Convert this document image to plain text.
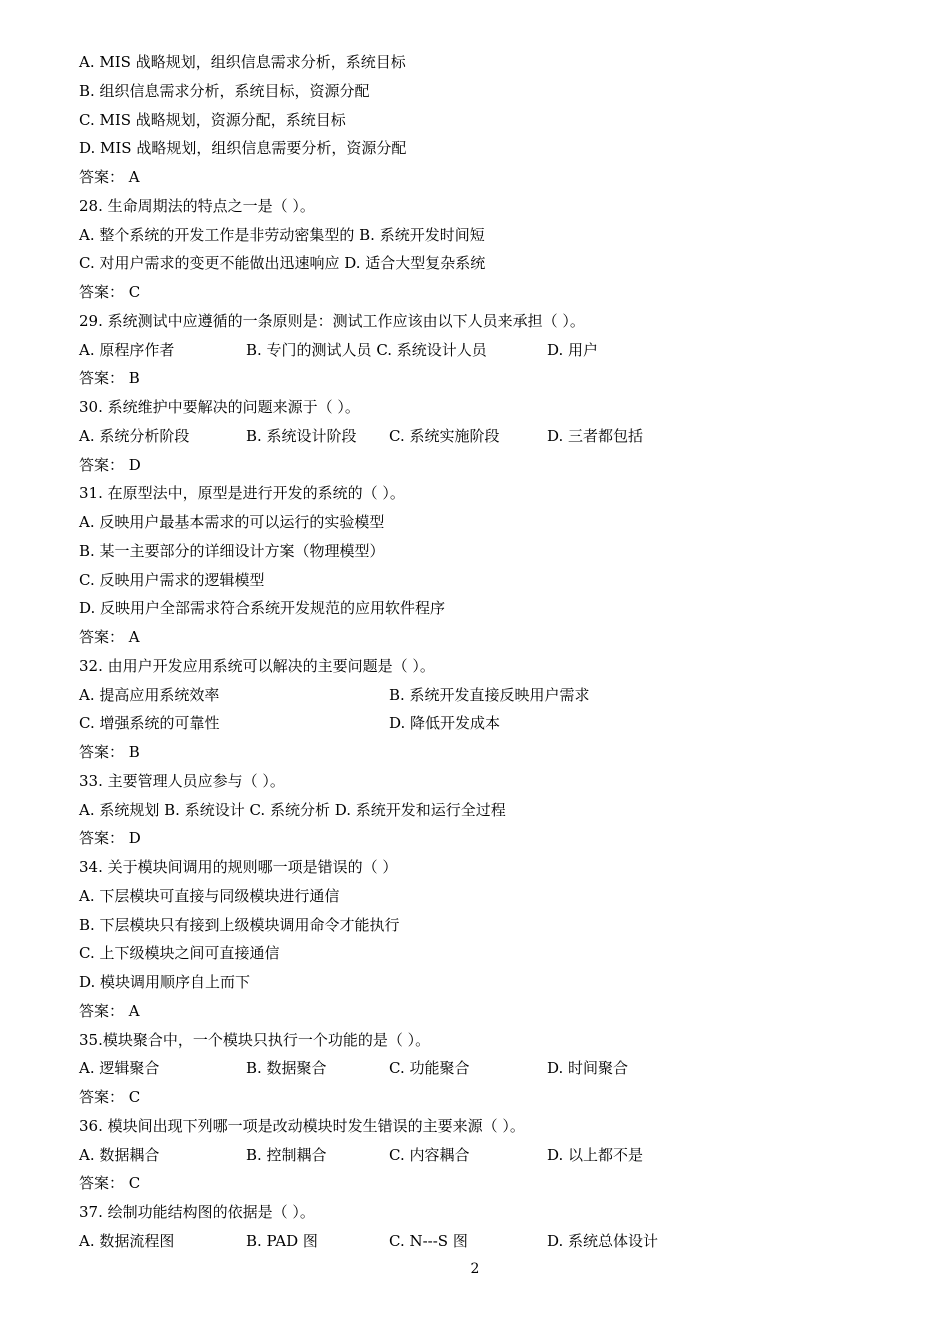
A. MIS 战略规划，组织信息需求分析，系统目标
B. 组织信息需求分析，系统目标，资源分配
C. MIS 战略规划，资源分配，系统目标
D. MIS 战略规划，组织信息需要分析，资源分配
答案： A
28. 生命周期法的特点之一是（ ）。
A. 整个系统的开发工作是非劳动密集型的 B. 系统开发时间短
C. 对用户需求的变更不能做出迅速响应 D. 适合大型复杂系统
答案： C
29. 系统测试中应遵循的一条原则是：测试工作应该由以下人员来承担（ ）。
A. 原程序作者	B. 专门的测试人员 C. 系统设计人员	D. 用户
答案： B
30. 系统维护中要解决的问题来源于（ ）。
A. 系统分析阶段	B. 系统设计阶段 C. 系统实施阶段	D. 三者都包括
答案： D
31. 在原型法中，原型是进行开发的系统的（ ）。
A. 反映用户最基本需求的可以运行的实验模型
B. 某一主要部分的详细设计方案（物理模型）
C. 反映用户需求的逻辑模型
D. 反映用户全部需求符合系统开发规范的应用软件程序
答案： A
32. 由用户开发应用系统可以解决的主要问题是（ ）。
A. 提高应用系统效率	B. 系统开发直接反映用户需求
C. 增强系统的可靠性	D. 降低开发成本
答案： B
33. 主要管理人员应参与（ ）。
A. 系统规划 B. 系统设计 C. 系统分析 D. 系统开发和运行全过程
答案： D
34. 关于模块间调用的规则哪一项是错误的（ ）
A. 下层模块可直接与同级模块进行通信
B. 下层模块只有接到上级模块调用命令才能执行
C. 上下级模块之间可直接通信
D. 模块调用顺序自上而下
答案： A
35.模块聚合中，一个模块只执行一个功能的是（ ）。
A. 逻辑聚合	B. 数据聚合	C. 功能聚合	D. 时间聚合
答案： C
36. 模块间出现下列哪一项是改动模块时发生错误的主要来源（ ）。
A. 数据耦合	B. 控制耦合	C. 内容耦合	D. 以上都不是
答案： C
37. 绘制功能结构图的依据是（ ）。
A. 数据流程图	B. PAD 图	C. N---S 图	D. 系统总体设计
2
